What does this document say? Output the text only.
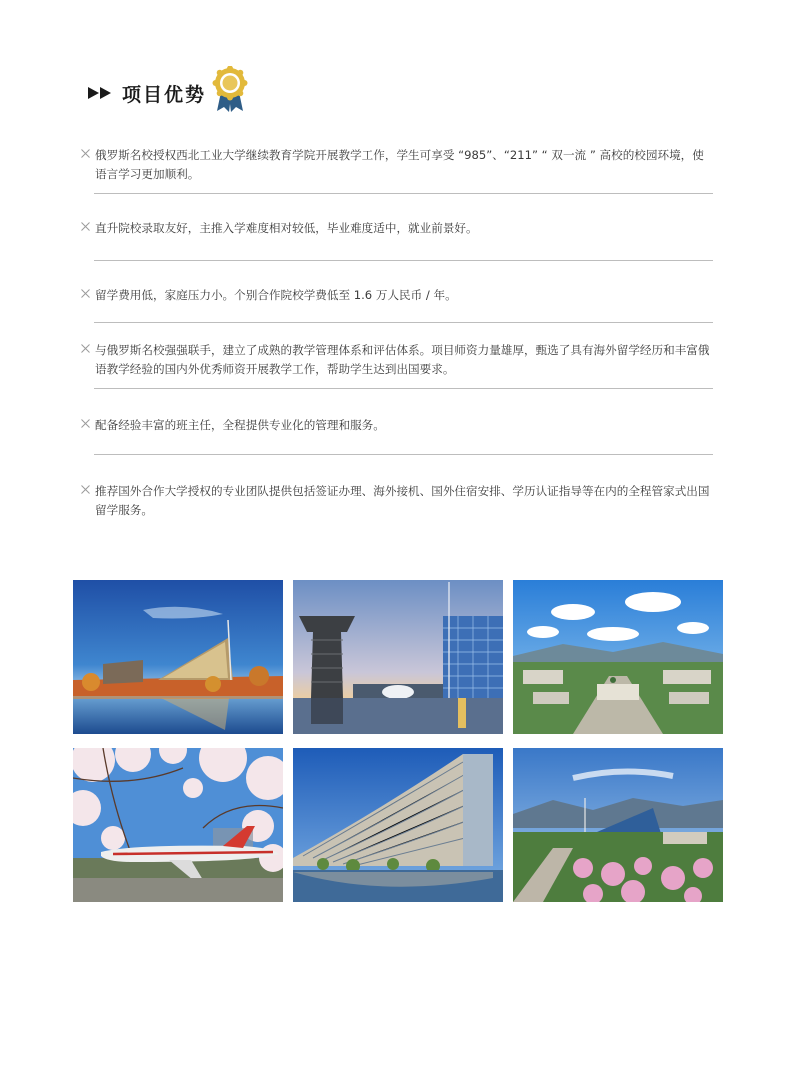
项目优势
俄罗斯名校授权西北工业大学继续教育学院开展教学工作，学生可享受 “985”、“211” “ 双一流 ” 高校的校园环境，使语言学习更加顺利。
直升院校录取友好，主推入学难度相对较低，毕业难度适中，就业前景好。
留学费用低，家庭压力小。个别合作院校学费低至 1.6 万人民币 / 年。
与俄罗斯名校强强联手，建立了成熟的教学管理体系和评估体系。项目师资力量雄厚，甄选了具有海外留学经历和丰富俄语教学经验的国内外优秀师资开展教学工作，帮助学生达到出国要求。
配备经验丰富的班主任，全程提供专业化的管理和服务。
推荐国外合作大学授权的专业团队提供包括签证办理、海外接机、国外住宿安排、学历认证指导等在内的全程管家式出国留学服务。
